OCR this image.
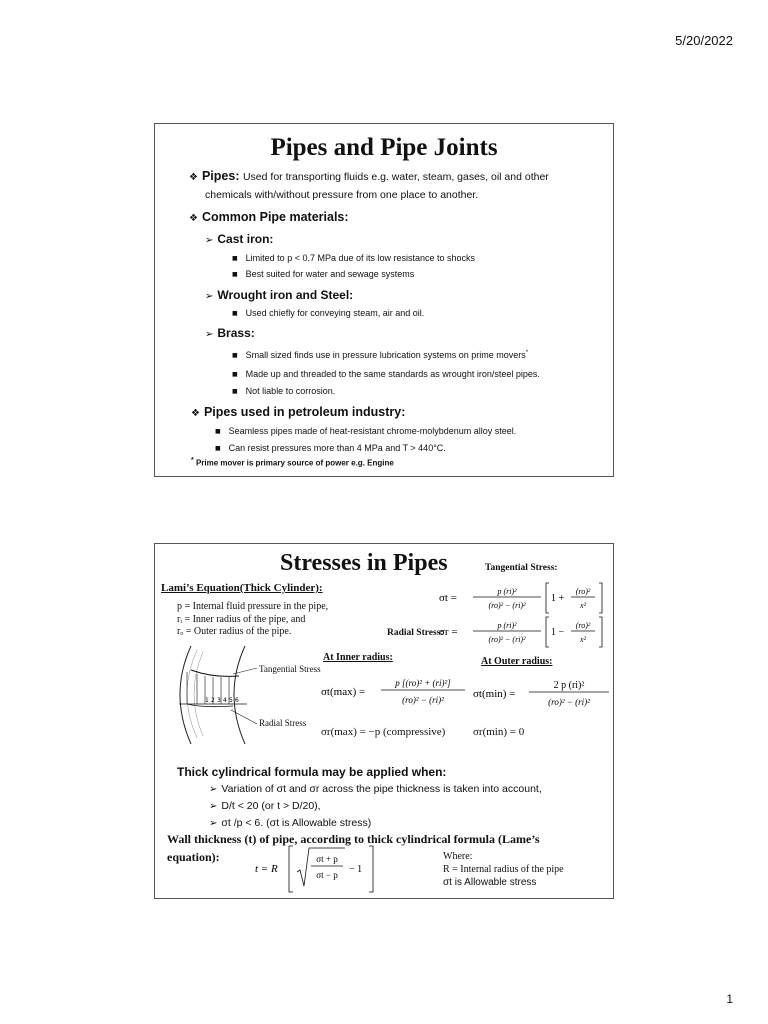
5/20/2022
Pipes and Pipe Joints
❖ Pipes: Used for transporting fluids e.g. water, steam, gases, oil and other
chemicals with/without pressure from one place to another.
❖ Common Pipe materials:
➢ Cast iron:
■ Limited to p < 0.7 MPa due of its low resistance to shocks
■ Best suited for water and sewage systems
➢ Wrought iron and Steel:
■ Used chiefly for conveying steam, air and oil.
➢ Brass:
■ Small sized finds use in pressure lubrication systems on prime movers*
■ Made up and threaded to the same standards as wrought iron/steel pipes.
■ Not liable to corrosion.
❖ Pipes used in petroleum industry:
■ Seamless pipes made of heat-resistant chrome-molybdenum alloy steel.
■ Can resist pressures more than 4 MPa and T > 440°C.
* Prime mover is primary source of power e.g. Engine
Stresses in Pipes	Tangential Stress:
Lami’s Equation(Thick Cylinder):
p = Internal fluid pressure in the pipe,
rᵢ = Inner radius of the pipe, and
rₒ = Outer radius of the pipe.	Radial Stress:
At Inner radius:	At Outer radius:
σt =
p (ri)²
(ro)² − (ri)²
1 +
(ro)²
x²
σr =
p (ri)²
(ro)² − (ri)²
1 −
(ro)²
x²
1 2 3 4 5 6
Tangential Stress
Radial Stress
σt(max) =
p [(ro)² + (ri)²]
(ro)² − (ri)²	σt(min) =
2 p (ri)²
(ro)² − (ri)²
σr(max) = −p (compressive)	σr(min) = 0
Thick cylindrical formula may be applied when:
➢ Variation of σt and σr across the pipe thickness is taken into account,
➢ D/t < 20 (or t > D/20),
➢ σt /p < 6. (σt is Allowable stress)
Wall thickness (t) of pipe, according to thick cylindrical formula (Lame’s
equation):
t = R
σt + p
σt − p − 1
Where:
R = Internal radius of the pipe
σt is Allowable stress
1
